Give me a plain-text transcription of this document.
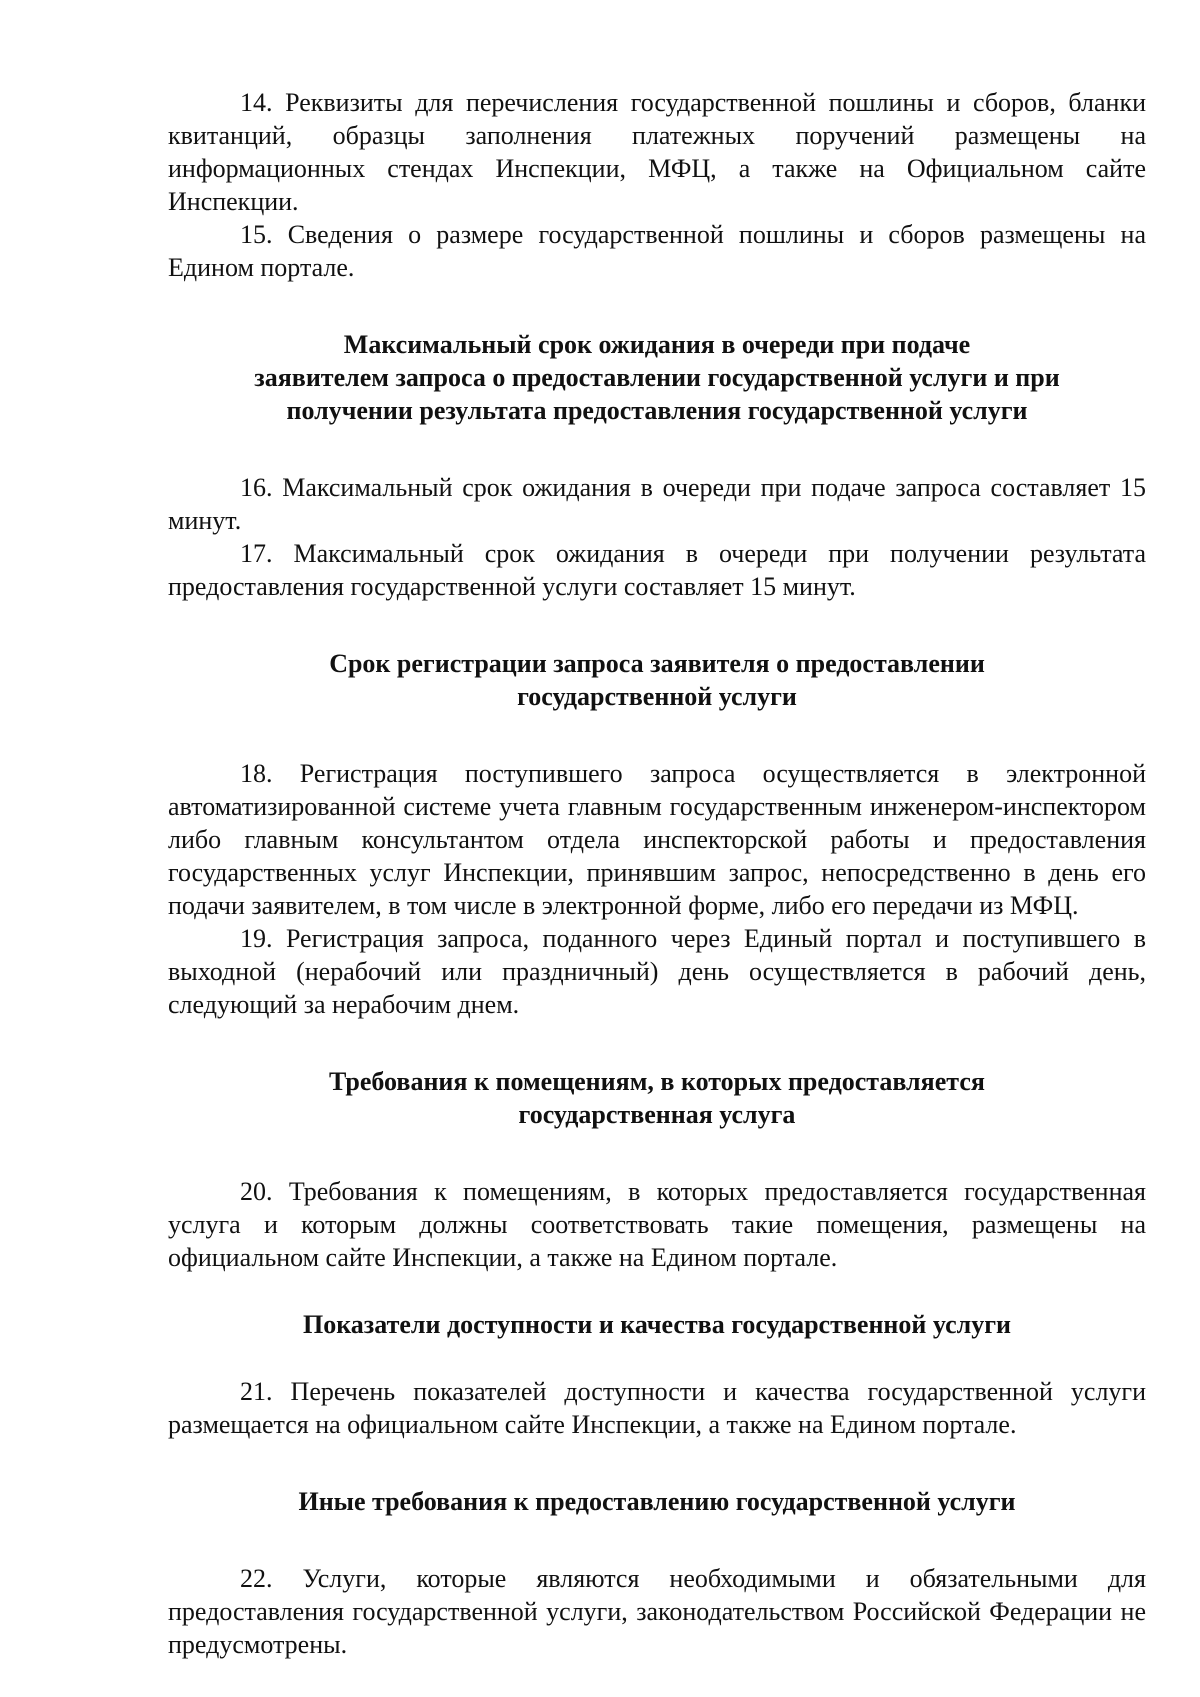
14. Реквизиты для перечисления государственной пошлины и сборов, бланки квитанций, образцы заполнения платежных поручений размещены на информационных стендах Инспекции, МФЦ, а также на Официальном сайте Инспекции.

15. Сведения о размере государственной пошлины и сборов размещены на Едином портале.

Максимальный срок ожидания в очереди при подаче
заявителем запроса о предоставлении государственной услуги и при
получении результата предоставления государственной услуги

16. Максимальный срок ожидания в очереди при подаче запроса составляет 15 минут.

17. Максимальный срок ожидания в очереди при получении результата предоставления государственной услуги составляет 15 минут.

Срок регистрации запроса заявителя о предоставлении
государственной услуги

18. Регистрация поступившего запроса осуществляется в электронной автоматизированной системе учета главным государственным инженером-инспектором либо главным консультантом отдела инспекторской работы и предоставления государственных услуг Инспекции, принявшим запрос, непосредственно в день его подачи заявителем, в том числе в электронной форме, либо его передачи из МФЦ.

19. Регистрация запроса, поданного через Единый портал и поступившего в выходной (нерабочий или праздничный) день осуществляется в рабочий день, следующий за нерабочим днем.

Требования к помещениям, в которых предоставляется
государственная услуга

20. Требования к помещениям, в которых предоставляется государственная услуга и которым должны соответствовать такие помещения, размещены на официальном сайте Инспекции, а также на Едином портале.

Показатели доступности и качества государственной услуги

21. Перечень показателей доступности и качества государственной услуги размещается на официальном сайте Инспекции, а также на Едином портале.

Иные требования к предоставлению государственной услуги

22. Услуги, которые являются необходимыми и обязательными для предоставления государственной услуги, законодательством Российской Федерации не предусмотрены.
